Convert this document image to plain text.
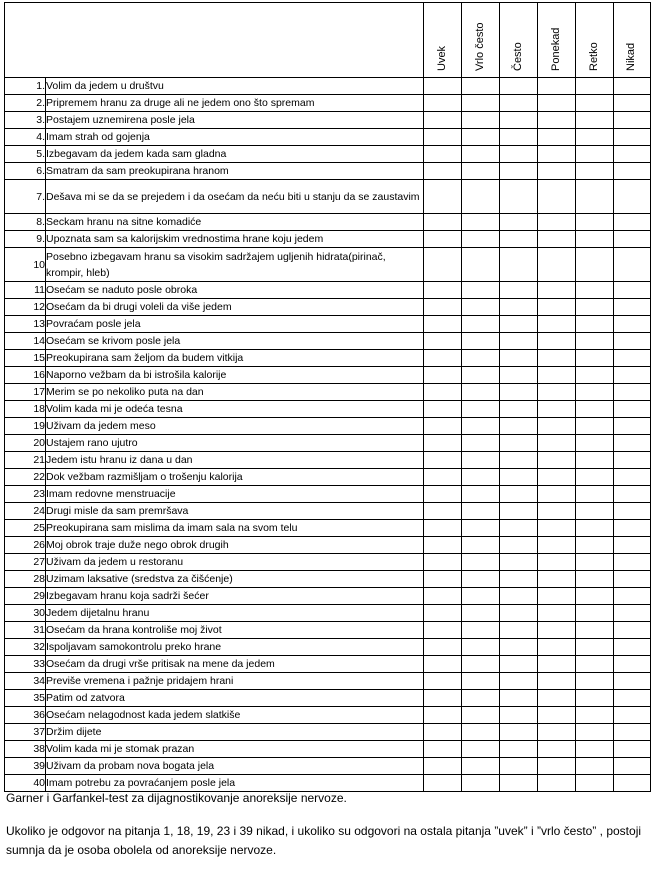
		Uvek	Vrlo često	Često	Ponekad	Retko	Nikad

1.	Volim da jedem u društvu						
2.	Pripremem hranu za druge ali ne jedem ono što spremam						
3.	Postajem uznemirena posle jela						
4.	Imam strah od gojenja						
5.	Izbegavam da jedem kada sam gladna						
6.	Smatram da sam preokupirana hranom						
7.	Dešava mi se da se prejedem i da osećam da neću biti u stanju da se zaustavim						
8.	Seckam hranu na sitne komadiće						
9.	Upoznata sam sa kalorijskim vrednostima hrane koju jedem						
10	Posebno izbegavam hranu sa visokim sadržajem ugljenih hidrata(pirinač, krompir, hleb)						
11	Osećam se naduto posle obroka						
12	Osećam da bi drugi voleli da više jedem						
13	Povraćam posle jela						
14	Osećam se krivom posle jela						
15	Preokupirana sam željom da budem vitkija						
16	Naporno vežbam da bi istrošila kalorije						
17	Merim se po nekoliko puta na dan						
18	Volim kada mi je odeća tesna						
19	Uživam da jedem meso						
20	Ustajem rano ujutro						
21	Jedem istu hranu iz dana u dan						
22	Dok vežbam razmišljam o trošenju kalorija						
23	Imam redovne menstruacije						
24	Drugi misle da sam premršava						
25	Preokupirana sam mislima da imam sala na svom telu						
26	Moj obrok traje duže nego obrok drugih						
27	Uživam da jedem u restoranu						
28	Uzimam laksative (sredstva za čišćenje)						
29	Izbegavam hranu koja sadrži šećer						
30	Jedem dijetalnu hranu						
31	Osećam da hrana kontroliše moj život						
32	Ispoljavam samokontrolu preko hrane						
33	Osećam da drugi vrše pritisak na mene da jedem						
34	Previše vremena i pažnje pridajem hrani						
35	Patim od zatvora						
36	Osećam nelagodnost kada jedem slatkiše						
37	Držim dijete						
38	Volim kada mi je stomak prazan						
39	Uživam da probam nova bogata jela						
40	Imam potrebu za povraćanjem posle jela						
Garner i Garfankel-test za dijagnostikovanje anoreksije nervoze.
Ukoliko je odgovor na pitanja 1, 18, 19, 23 i 39 nikad, i ukoliko su odgovori na ostala pitanja ”uvek” i ”vrlo često” , postoji sumnja da je osoba obolela od anoreksije nervoze.
